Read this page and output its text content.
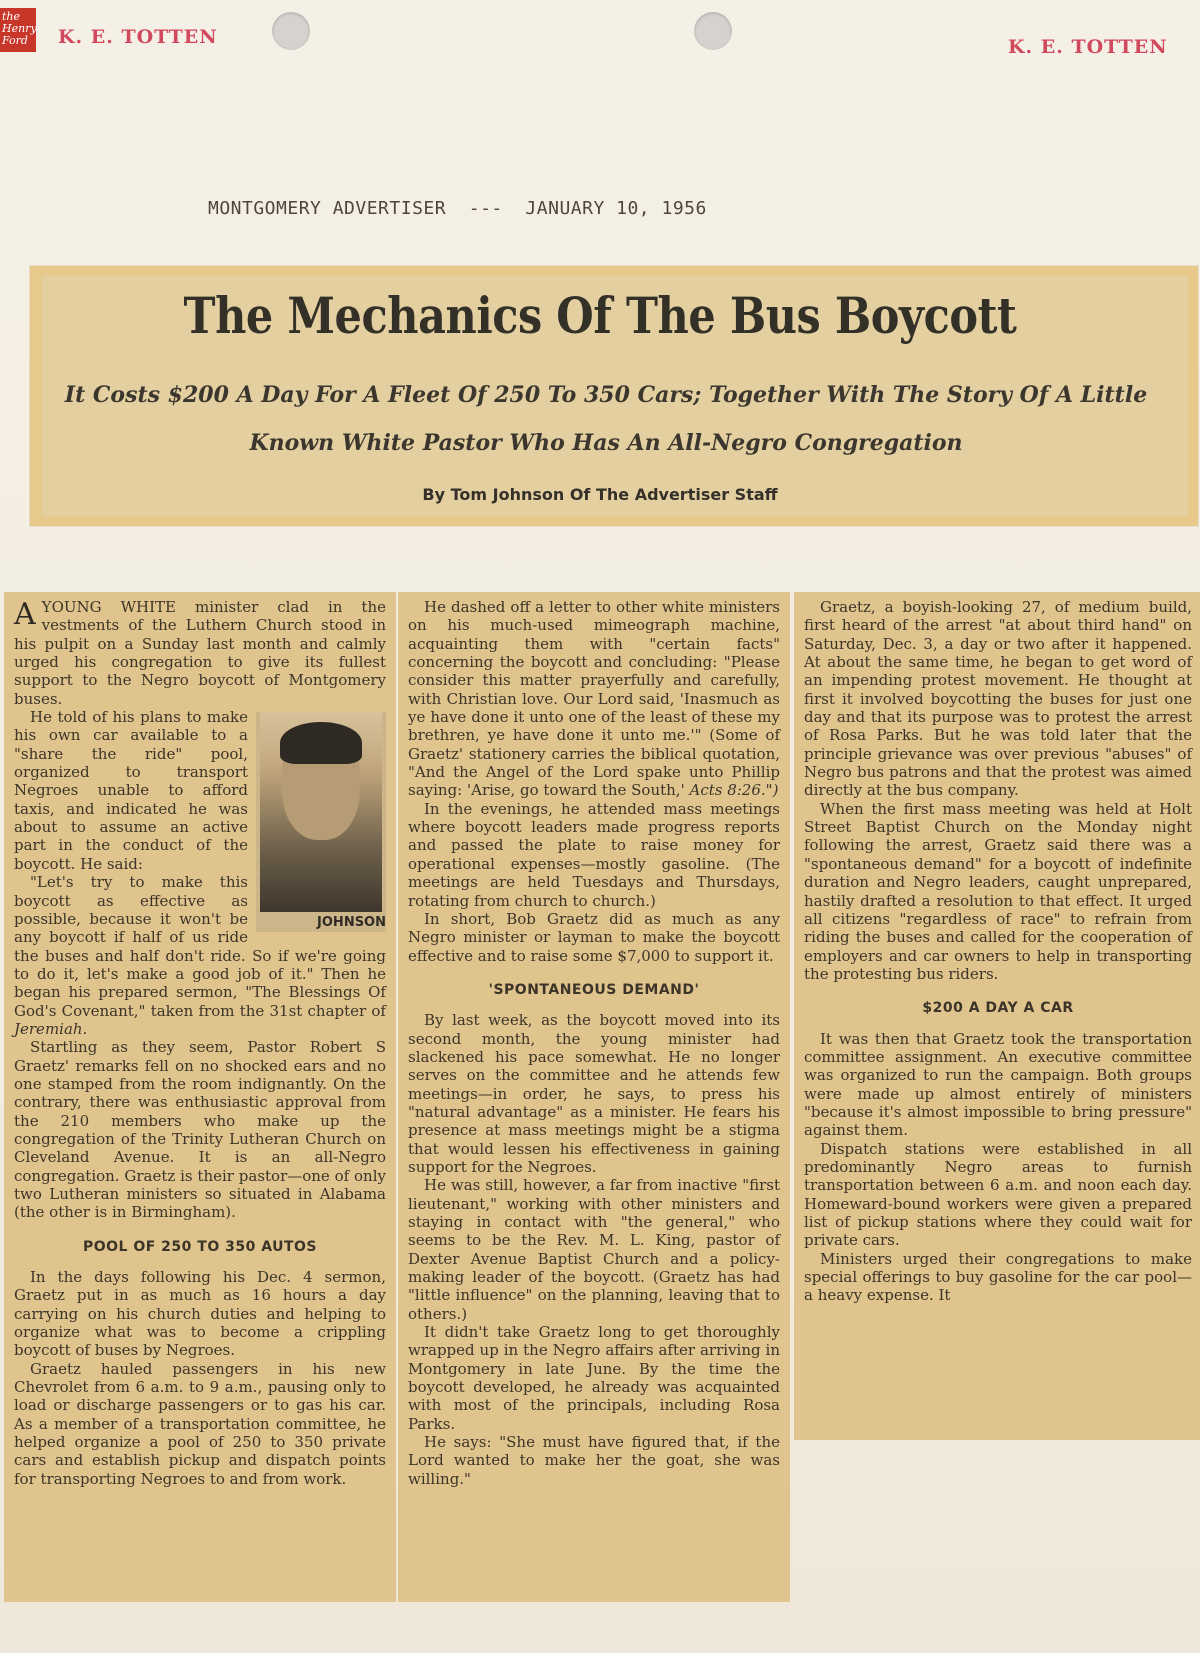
the
Henry
Ford	K. E. TOTTEN	K. E. TOTTEN
MONTGOMERY ADVERTISER  ---  JANUARY 10, 1956
The Mechanics Of The Bus Boycott
It Costs $200 A Day For A Fleet Of 250 To 350 Cars; Together With The Story Of A Little
Known White Pastor Who Has An All-Negro Congregation
By Tom Johnson Of The Advertiser Staff

AYOUNG WHITE minister clad in the vestments of the Luthern Church stood in his pulpit on a Sunday last month and calmly urged his congregation to give its fullest support to the Negro boycott of Montgomery buses.

JOHNSON

He told of his plans to make his own car available to a "share the ride" pool, organized to transport Negroes unable to afford taxis, and indicated he was about to assume an active part in the conduct of the boycott. He said:

"Let's try to make this boycott as effective as possible, because it won't be any boycott if half of us ride the buses and half don't ride. So if we're going to do it, let's make a good job of it." Then he began his prepared sermon, "The Blessings Of God's Covenant," taken from the 31st chapter of Jeremiah.

Startling as they seem, Pastor Robert S Graetz' remarks fell on no shocked ears and no one stamped from the room indignantly. On the contrary, there was enthusiastic approval from the 210 members who make up the congregation of the Trinity Lutheran Church on Cleveland Avenue. It is an all-Negro congregation. Graetz is their pastor—one of only two Lutheran ministers so situated in Alabama (the other is in Birmingham).

POOL OF 250 TO 350 AUTOS

In the days following his Dec. 4 sermon, Graetz put in as much as 16 hours a day carrying on his church duties and helping to organize what was to become a crippling boycott of buses by Negroes.

Graetz hauled passengers in his new Chevrolet from 6 a.m. to 9 a.m., pausing only to load or discharge passengers or to gas his car. As a member of a transportation committee, he helped organize a pool of 250 to 350 private cars and establish pickup and dispatch points for transporting Negroes to and from work.

He dashed off a letter to other white ministers on his much-used mimeograph machine, acquainting them with "certain facts" concerning the boycott and concluding: "Please consider this matter prayerfully and carefully, with Christian love. Our Lord said, 'Inasmuch as ye have done it unto one of the least of these my brethren, ye have done it unto me.'" (Some of Graetz' stationery carries the biblical quotation, "And the Angel of the Lord spake unto Phillip saying: 'Arise, go toward the South,' Acts 8:26.")

In the evenings, he attended mass meetings where boycott leaders made progress reports and passed the plate to raise money for operational expenses—mostly gasoline. (The meetings are held Tuesdays and Thursdays, rotating from church to church.)

In short, Bob Graetz did as much as any Negro minister or layman to make the boycott effective and to raise some $7,000 to support it.

'SPONTANEOUS DEMAND'

By last week, as the boycott moved into its second month, the young minister had slackened his pace somewhat. He no longer serves on the committee and he attends few meetings—in order, he says, to press his "natural advantage" as a minister. He fears his presence at mass meetings might be a stigma that would lessen his effectiveness in gaining support for the Negroes.

He was still, however, a far from inactive "first lieutenant," working with other ministers and staying in contact with "the general," who seems to be the Rev. M. L. King, pastor of Dexter Avenue Baptist Church and a policy-making leader of the boycott. (Graetz has had "little influence" on the planning, leaving that to others.)

It didn't take Graetz long to get thoroughly wrapped up in the Negro affairs after arriving in Montgomery in late June. By the time the boycott developed, he already was acquainted with most of the principals, including Rosa Parks.

He says: "She must have figured that, if the Lord wanted to make her the goat, she was willing."

Graetz, a boyish-looking 27, of medium build, first heard of the arrest "at about third hand" on Saturday, Dec. 3, a day or two after it happened. At about the same time, he began to get word of an impending protest movement. He thought at first it involved boycotting the buses for just one day and that its purpose was to protest the arrest of Rosa Parks. But he was told later that the principle grievance was over previous "abuses" of Negro bus patrons and that the protest was aimed directly at the bus company.

When the first mass meeting was held at Holt Street Baptist Church on the Monday night following the arrest, Graetz said there was a "spontaneous demand" for a boycott of indefinite duration and Negro leaders, caught unprepared, hastily drafted a resolution to that effect. It urged all citizens "regardless of race" to refrain from riding the buses and called for the cooperation of employers and car owners to help in transporting the protesting bus riders.

$200 A DAY A CAR

It was then that Graetz took the transportation committee assignment. An executive committee was organized to run the campaign. Both groups were made up almost entirely of ministers "because it's almost impossible to bring pressure" against them.

Dispatch stations were established in all predominantly Negro areas to furnish transportation between 6 a.m. and noon each day. Homeward-bound workers were given a prepared list of pickup stations where they could wait for private cars.

Ministers urged their congregations to make special offerings to buy gasoline for the car pool—a heavy expense. It
